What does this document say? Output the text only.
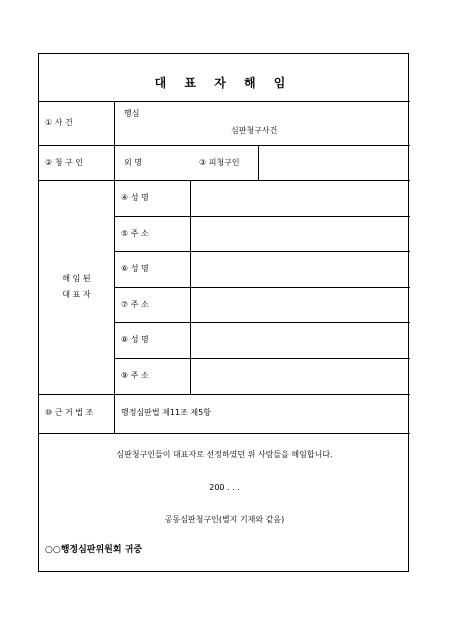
대 표 자 해 임
① 사 건
행심
심판청구사건
② 청 구 인	외 명	③ 피청구인
해 임 된
대 표 자
④ 성 명
⑤ 주 소
⑥ 성 명
⑦ 주 소
⑧ 성 명
⑨ 주 소
⑩ 근 거 법 조	행정심판법 제11조 제5항
심판청구인들이 대표자로 선정하였던 위 사람들을 해임합니다.
200 . . .
공동심판청구인(별지 기재와 같음)
○○행정심판위원회 귀중
